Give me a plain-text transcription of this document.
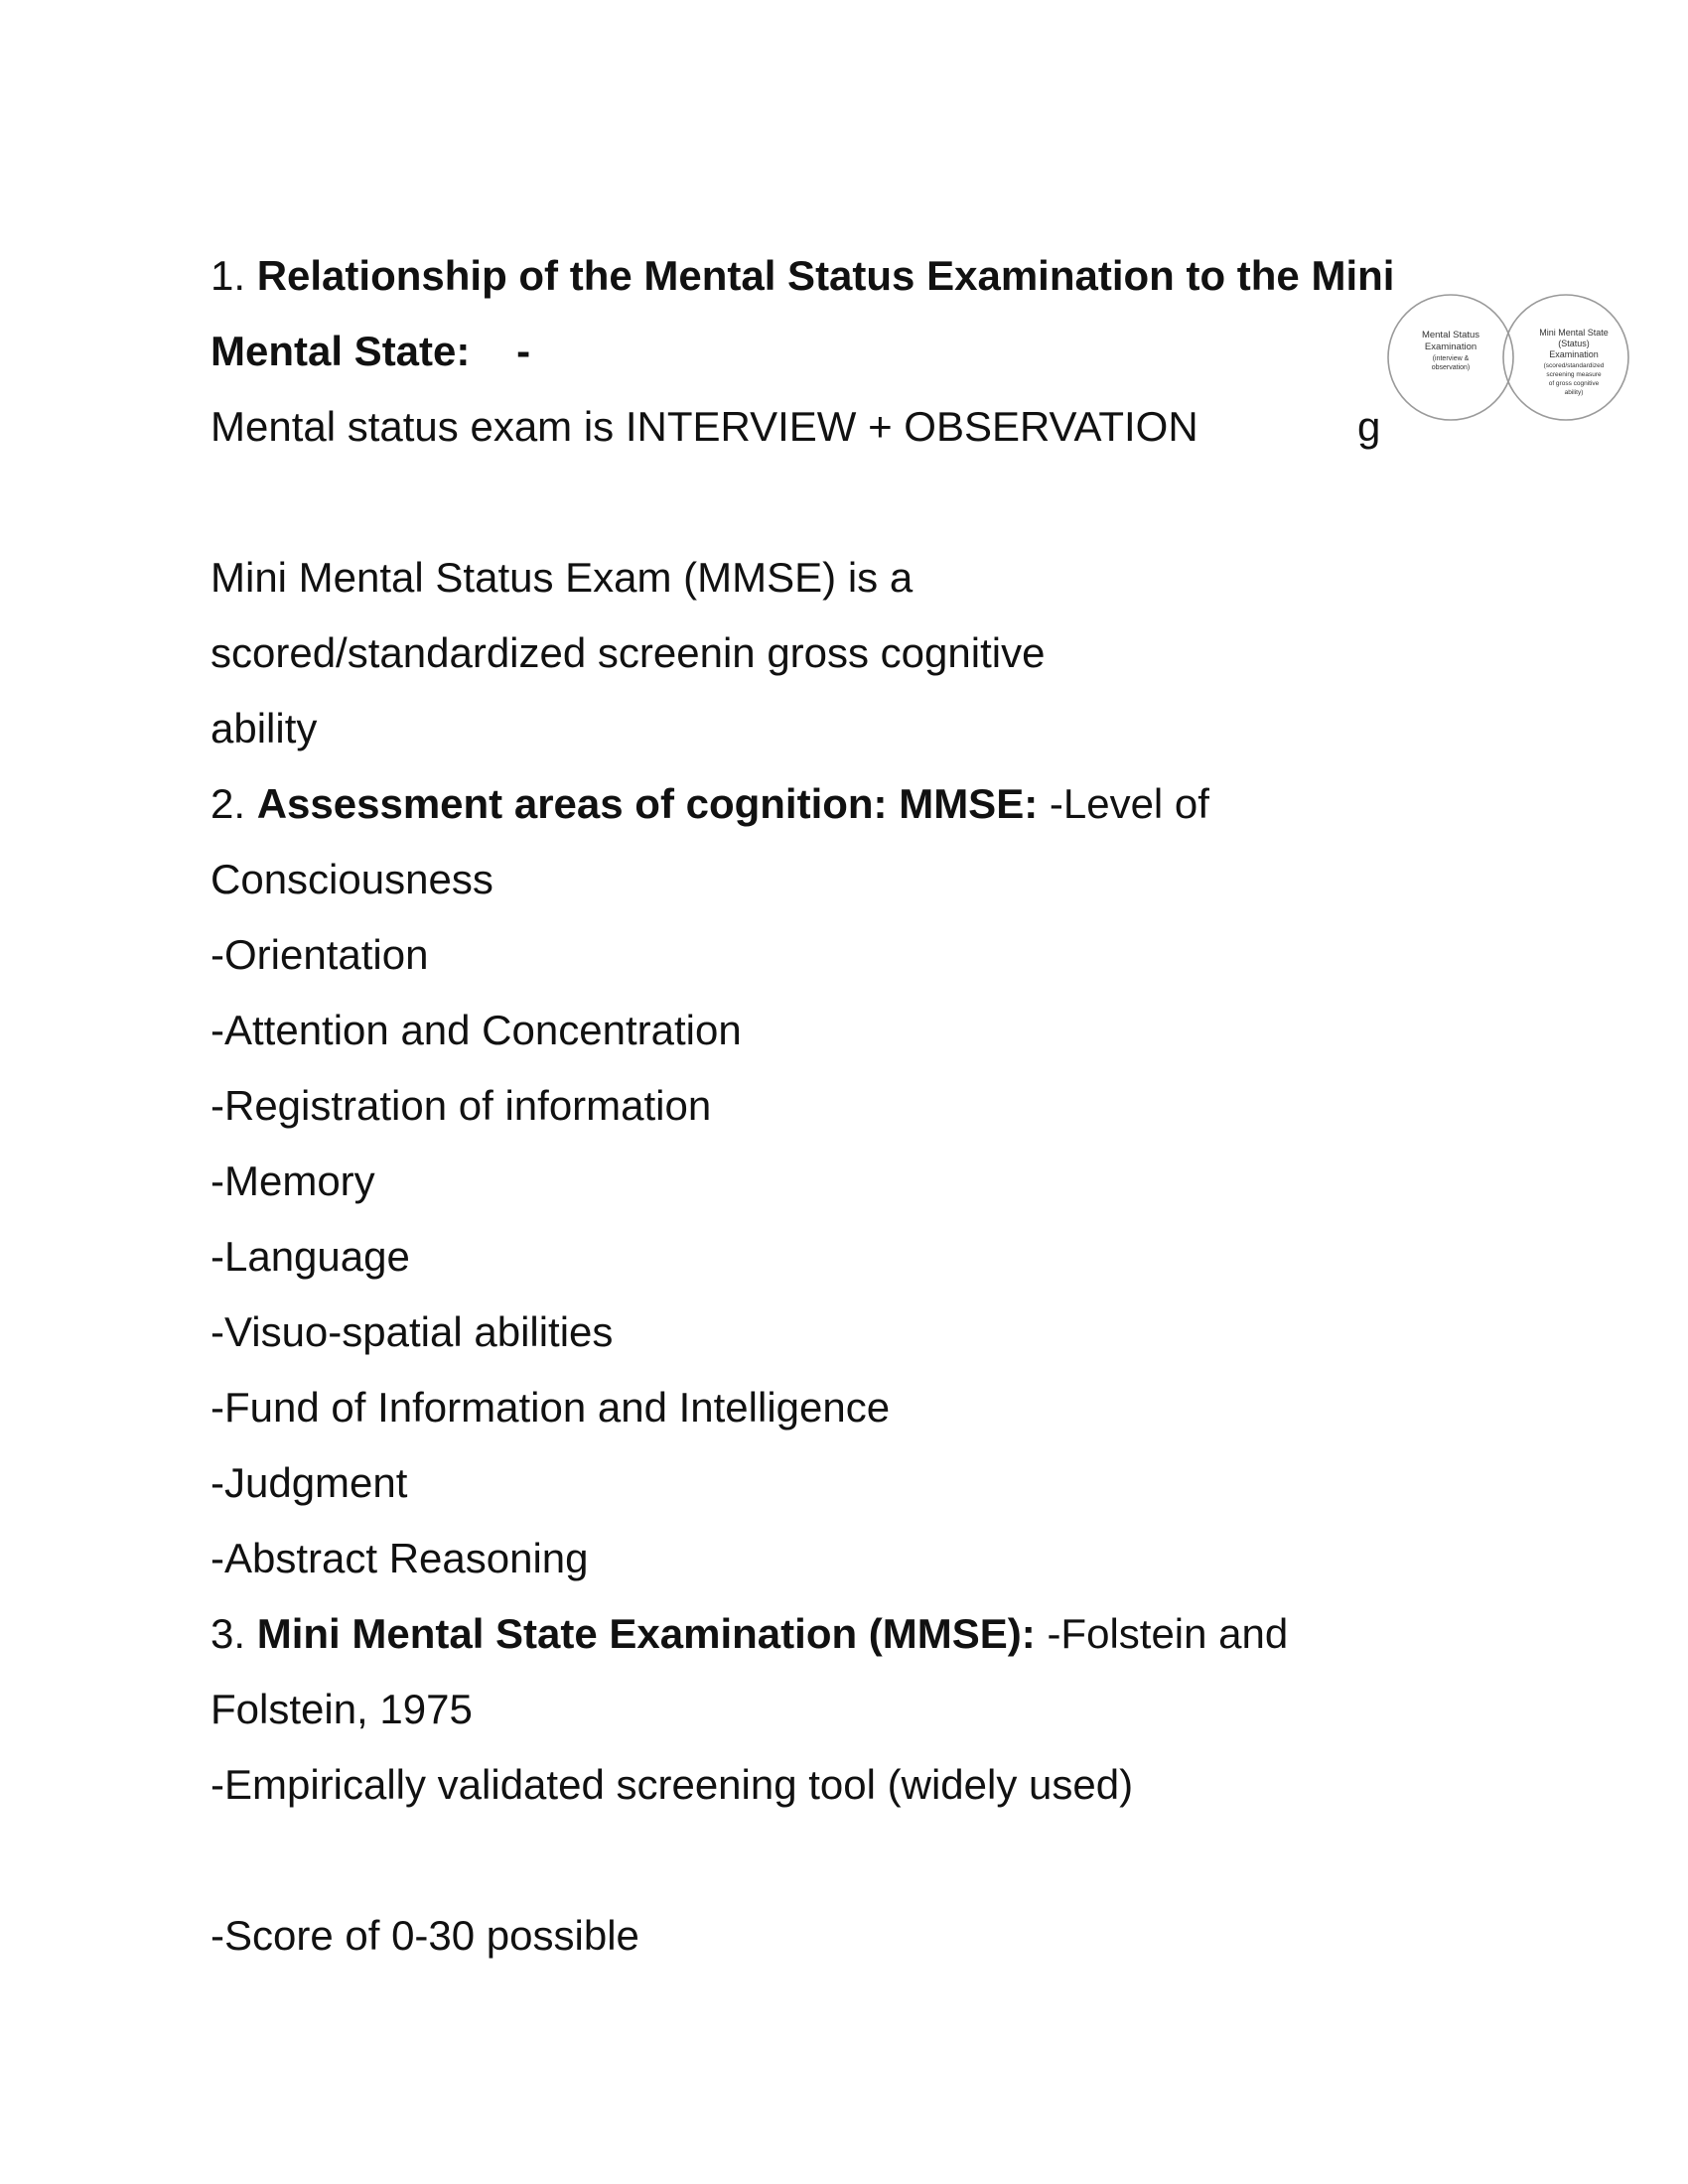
1. Relationship of the Mental Status Examination to the Mini
Mental State: -
Mental status exam is INTERVIEW + OBSERVATION	g
Mini Mental Status Exam (MMSE) is a
scored/standardized screenin gross cognitive
ability
2. Assessment areas of cognition: MMSE: -Level of
Consciousness
-Orientation
-Attention and Concentration
-Registration of information
-Memory
-Language
-Visuo-spatial abilities
-Fund of Information and Intelligence
-Judgment
-Abstract Reasoning
3. Mini Mental State Examination (MMSE): -Folstein and
Folstein, 1975
-Empirically validated screening tool (widely used)
-Score of 0-30 possible
Mental Status
Examination
(interview &
observation)
Mini Mental State
(Status)
Examination
(scored/standardized
screening measure
of gross cognitive
ability)
